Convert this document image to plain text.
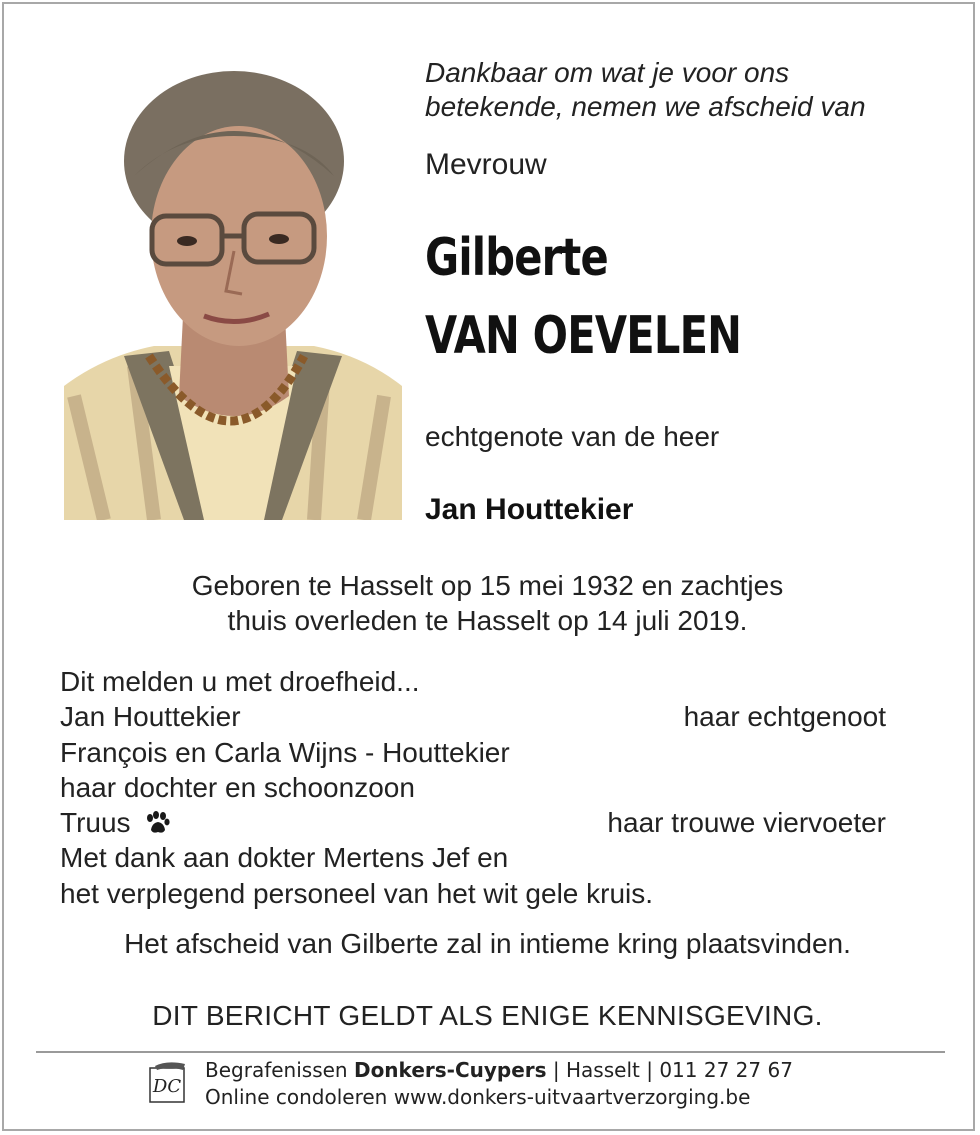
Dankbaar om wat je voor ons
betekende, nemen we afscheid van
Mevrouw
Gilberte
VAN OEVELEN
echtgenote van de heer
Jan Houttekier
Geboren te Hasselt op 15 mei 1932 en zachtjes
thuis overleden te Hasselt op 14 juli 2019.
Dit melden u met droefheid...
Jan Houttekier	haar echtgenoot
François en Carla Wijns - Houttekier
haar dochter en schoonzoon
Truus	haar trouwe viervoeter
Met dank aan dokter Mertens Jef en
het verplegend personeel van het wit gele kruis.
Het afscheid van Gilberte zal in intieme kring plaatsvinden.
DIT BERICHT GELDT ALS ENIGE KENNISGEVING.
DC
Begrafenissen Donkers-Cuypers | Hasselt | 011 27 27 67
Online condoleren www.donkers-uitvaartverzorging.be
